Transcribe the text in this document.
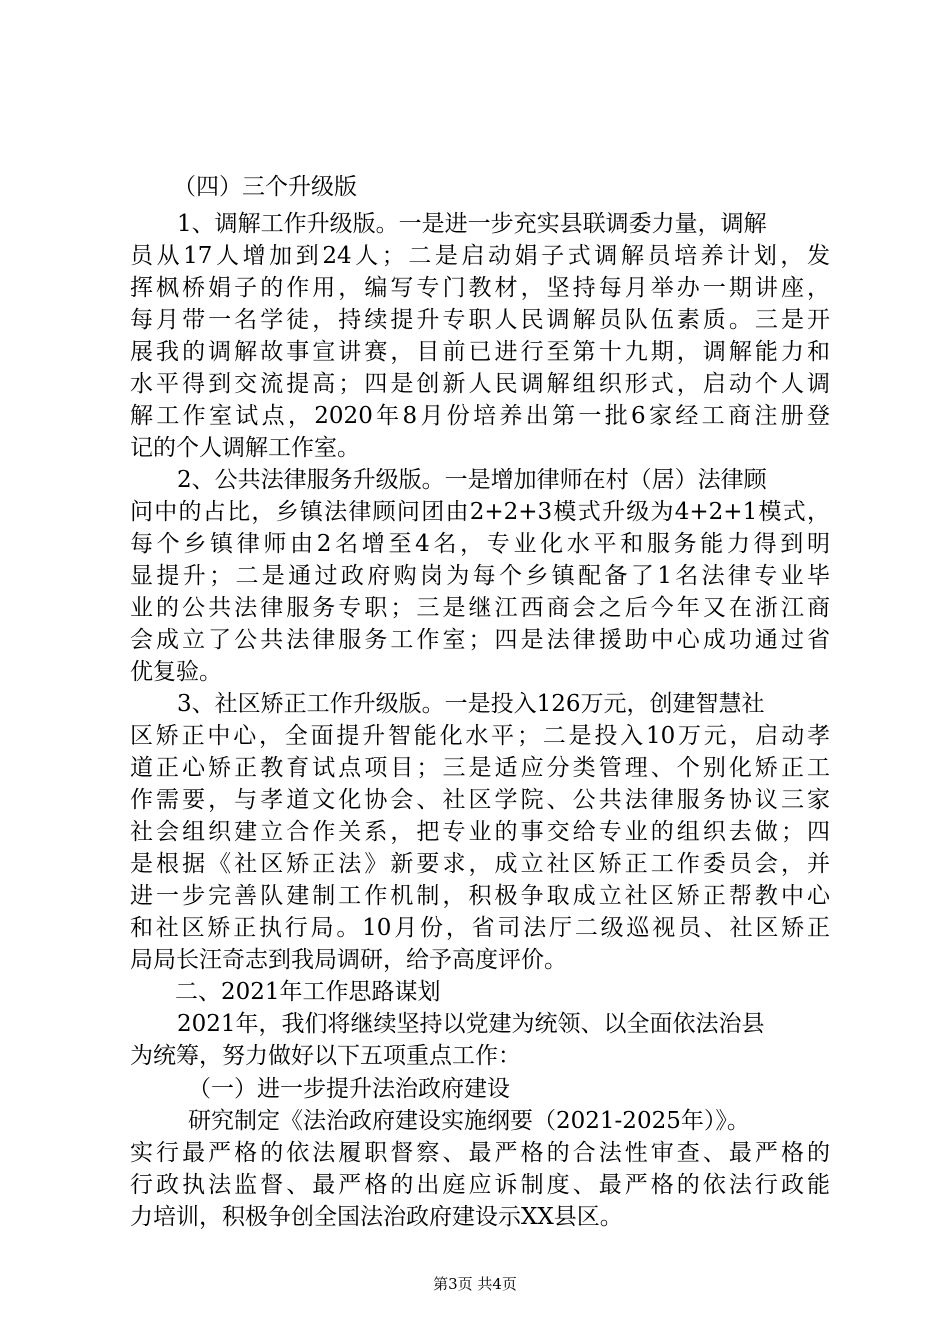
（四）三个升级版
1、调解工作升级版。一是进一步充实县联调委力量，调解
员从17人增加到24人；二是启动娟子式调解员培养计划，发
挥枫桥娟子的作用，编写专门教材，坚持每月举办一期讲座，
每月带一名学徒，持续提升专职人民调解员队伍素质。三是开
展我的调解故事宣讲赛，目前已进行至第十九期，调解能力和
水平得到交流提高；四是创新人民调解组织形式，启动个人调
解工作室试点，2020年8月份培养出第一批6家经工商注册登
记的个人调解工作室。
2、公共法律服务升级版。一是增加律师在村（居）法律顾
问中的占比，乡镇法律顾问团由2+2+3模式升级为4+2+1模式，
每个乡镇律师由2名增至4名，专业化水平和服务能力得到明
显提升；二是通过政府购岗为每个乡镇配备了1名法律专业毕
业的公共法律服务专职；三是继江西商会之后今年又在浙江商
会成立了公共法律服务工作室；四是法律援助中心成功通过省
优复验。
3、社区矫正工作升级版。一是投入126万元，创建智慧社
区矫正中心，全面提升智能化水平；二是投入10万元，启动孝
道正心矫正教育试点项目；三是适应分类管理、个别化矫正工
作需要，与孝道文化协会、社区学院、公共法律服务协议三家
社会组织建立合作关系，把专业的事交给专业的组织去做；四
是根据《社区矫正法》新要求，成立社区矫正工作委员会，并
进一步完善队建制工作机制，积极争取成立社区矫正帮教中心
和社区矫正执行局。10月份，省司法厅二级巡视员、社区矫正
局局长汪奇志到我局调研，给予高度评价。
二、2021年工作思路谋划
2021年，我们将继续坚持以党建为统领、以全面依法治县
为统筹，努力做好以下五项重点工作：
（一）进一步提升法治政府建设
研究制定《法治政府建设实施纲要（2021-2025年）》。
实行最严格的依法履职督察、最严格的合法性审查、最严格的
行政执法监督、最严格的出庭应诉制度、最严格的依法行政能
力培训，积极争创全国法治政府建设示XX县区。
第3页 共4页
